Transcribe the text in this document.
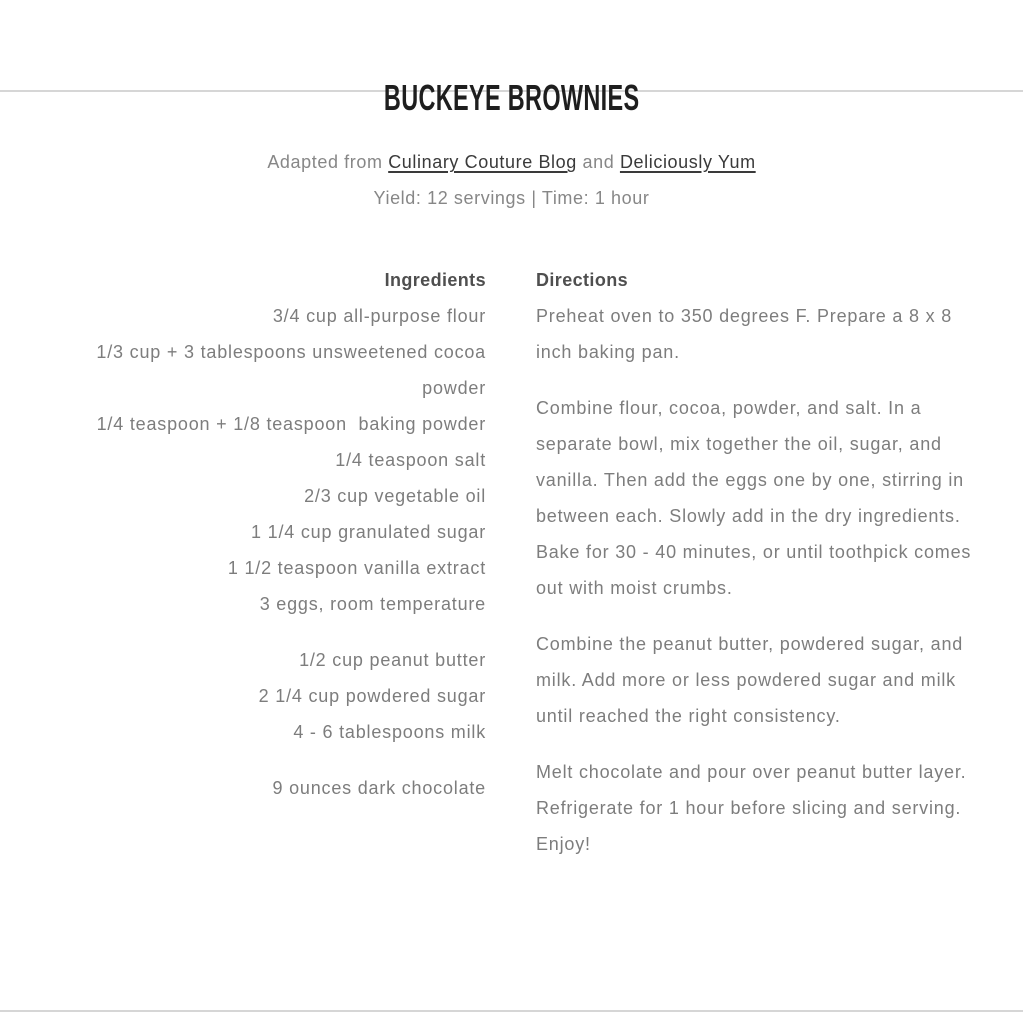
BUCKEYE BROWNIES
Adapted from Culinary Couture Blog and Deliciously Yum
Yield: 12 servings | Time: 1 hour
Ingredients
3/4 cup all-purpose flour
1/3 cup + 3 tablespoons unsweetened cocoa powder
1/4 teaspoon + 1/8 teaspoon  baking powder
1/4 teaspoon salt
2/3 cup vegetable oil
1 1/4 cup granulated sugar
1 1/2 teaspoon vanilla extract
3 eggs, room temperature
1/2 cup peanut butter
2 1/4 cup powdered sugar
4 - 6 tablespoons milk
9 ounces dark chocolate
Directions

Preheat oven to 350 degrees F. Prepare a 8 x 8 inch baking pan.

Combine flour, cocoa, powder, and salt. In a separate bowl, mix together the oil, sugar, and vanilla. Then add the eggs one by one, stirring in between each. Slowly add in the dry ingredients. Bake for 30 - 40 minutes, or until toothpick comes out with moist crumbs.

Combine the peanut butter, powdered sugar, and milk. Add more or less powdered sugar and milk until reached the right consistency.

Melt chocolate and pour over peanut butter layer. Refrigerate for 1 hour before slicing and serving. Enjoy!
